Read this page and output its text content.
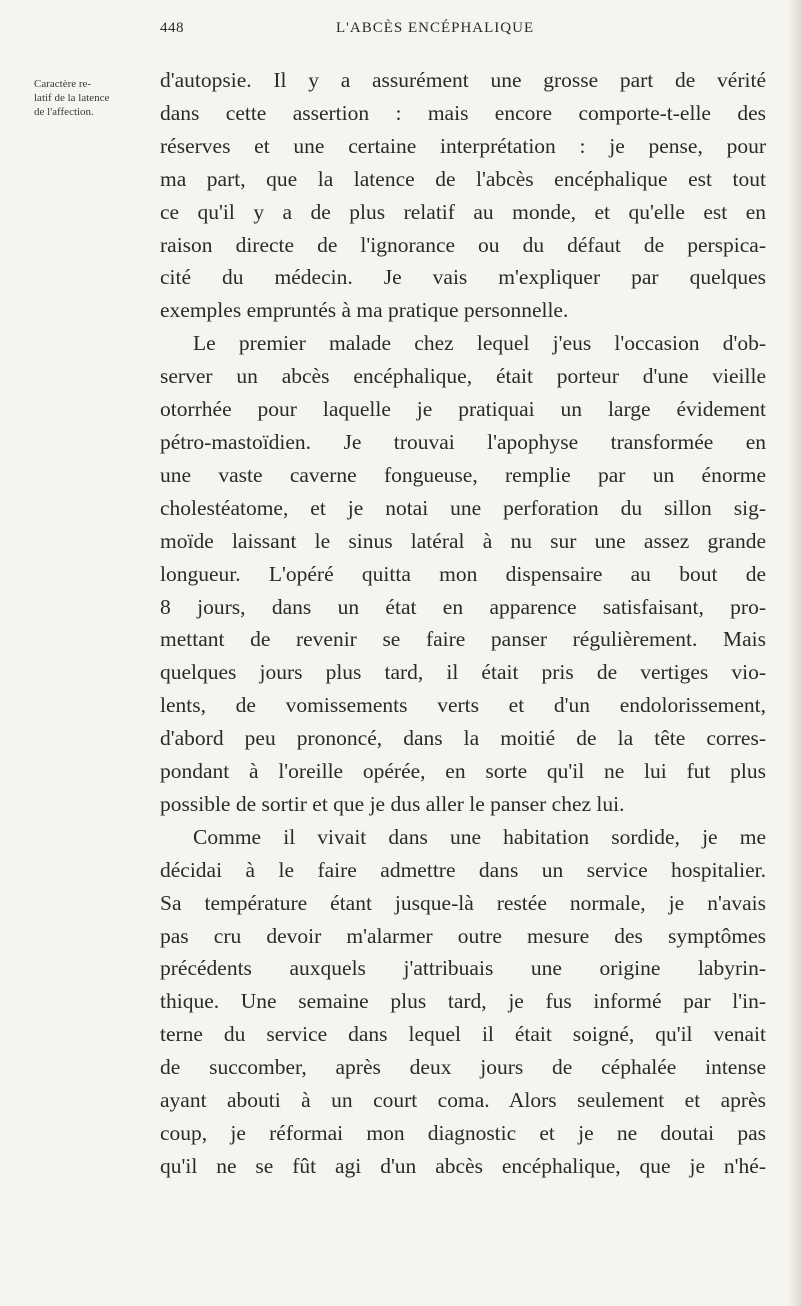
448	L'ABCÈS ENCÉPHALIQUE
Caractère re-
latif de la latence
de l'affection.

d'autopsie. Il y a assurément une grosse part de vérité
dans cette assertion : mais encore comporte-t-elle des
réserves et une certaine interprétation : je pense, pour
ma part, que la latence de l'abcès encéphalique est tout
ce qu'il y a de plus relatif au monde, et qu'elle est en
raison directe de l'ignorance ou du défaut de perspica-
cité du médecin. Je vais m'expliquer par quelques
exemples empruntés à ma pratique personnelle.

Le premier malade chez lequel j'eus l'occasion d'ob-
server un abcès encéphalique, était porteur d'une vieille
otorrhée pour laquelle je pratiquai un large évidement
pétro-mastoïdien. Je trouvai l'apophyse transformée en
une vaste caverne fongueuse, remplie par un énorme
cholestéatome, et je notai une perforation du sillon sig-
moïde laissant le sinus latéral à nu sur une assez grande
longueur. L'opéré quitta mon dispensaire au bout de
8 jours, dans un état en apparence satisfaisant, pro-
mettant de revenir se faire panser régulièrement. Mais
quelques jours plus tard, il était pris de vertiges vio-
lents, de vomissements verts et d'un endolorissement,
d'abord peu prononcé, dans la moitié de la tête corres-
pondant à l'oreille opérée, en sorte qu'il ne lui fut plus
possible de sortir et que je dus aller le panser chez lui.

Comme il vivait dans une habitation sordide, je me
décidai à le faire admettre dans un service hospitalier.
Sa température étant jusque-là restée normale, je n'avais
pas cru devoir m'alarmer outre mesure des symptômes
précédents auxquels j'attribuais une origine labyrin-
thique. Une semaine plus tard, je fus informé par l'in-
terne du service dans lequel il était soigné, qu'il venait
de succomber, après deux jours de céphalée intense
ayant abouti à un court coma. Alors seulement et après
coup, je réformai mon diagnostic et je ne doutai pas
qu'il ne se fût agi d'un abcès encéphalique, que je n'hé-
